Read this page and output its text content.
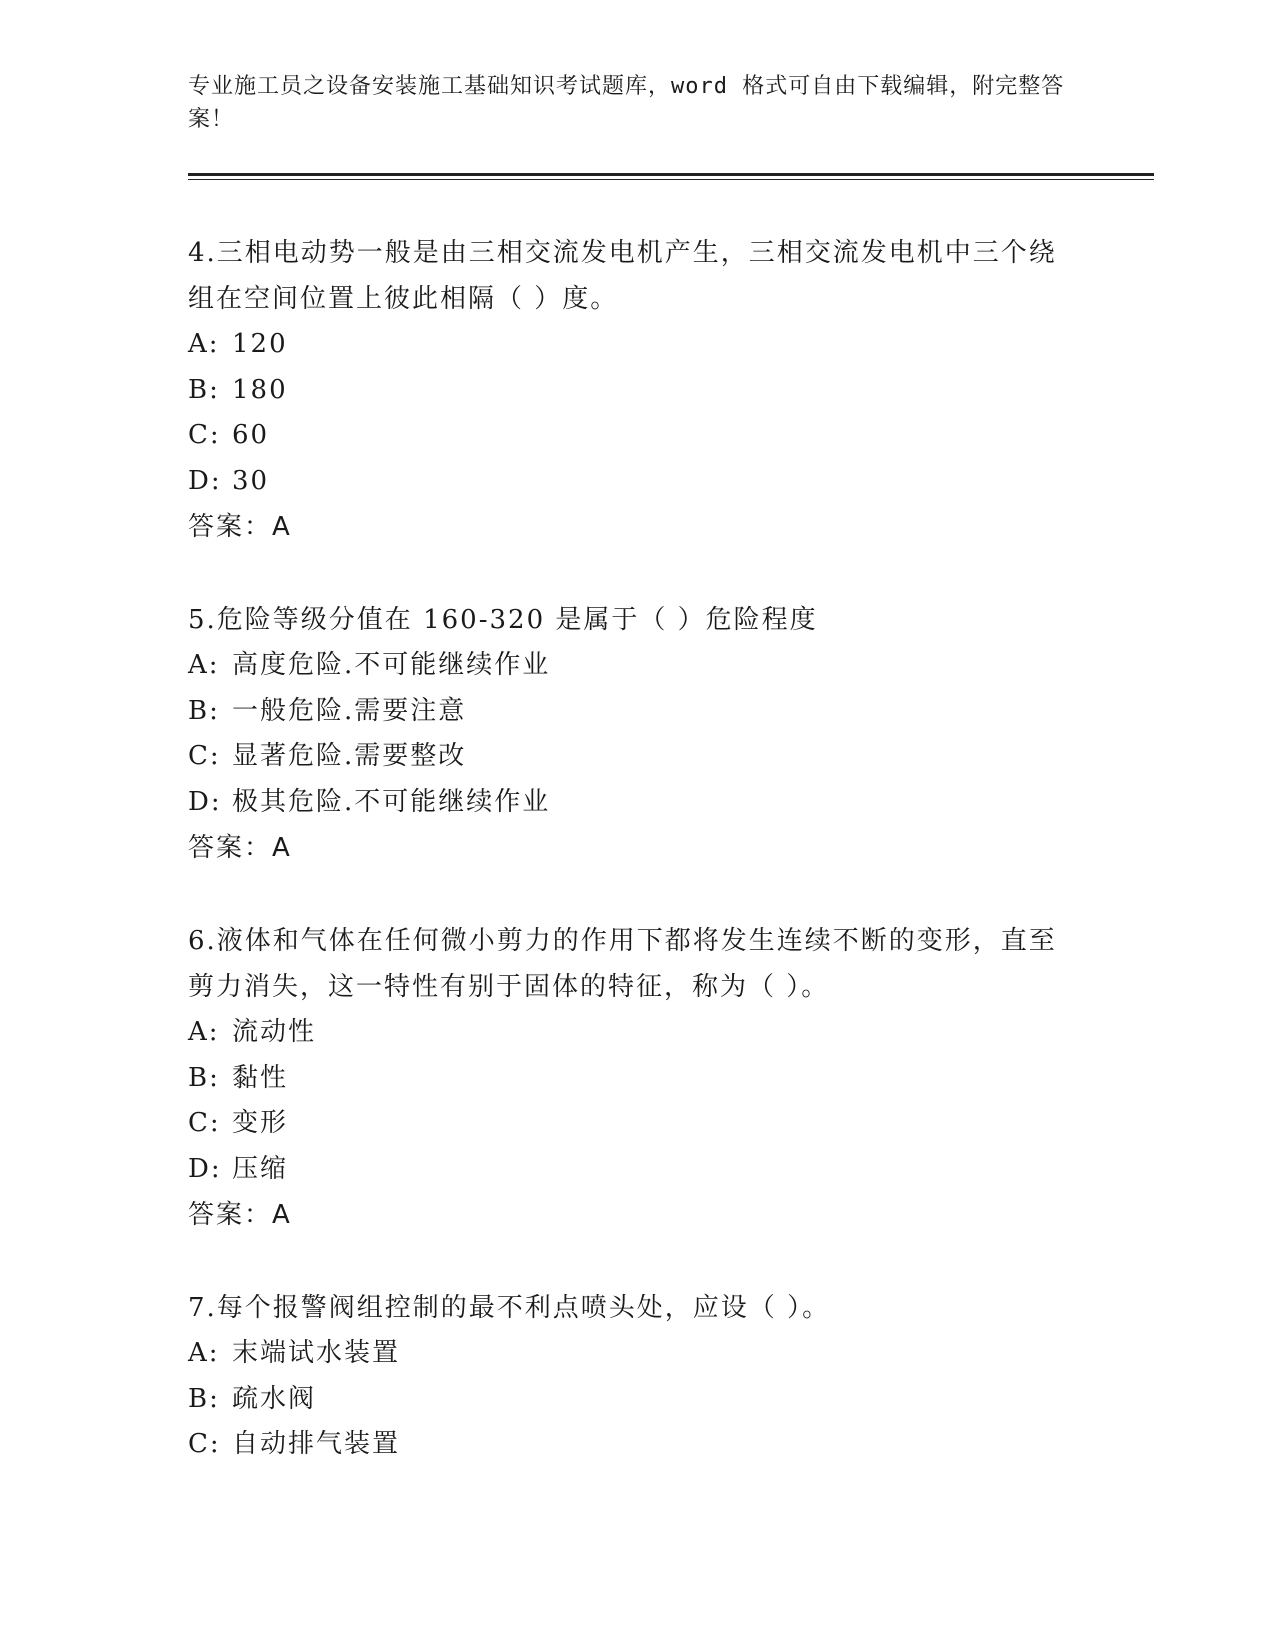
专业施工员之设备安装施工基础知识考试题库，word 格式可自由下载编辑，附完整答案！

4.三相电动势一般是由三相交流发电机产生，三相交流发电机中三个绕组在空间位置上彼此相隔（ ）度。

A: 120

B: 180

C: 60

D: 30

答案：A

5.危险等级分值在 160-320 是属于（ ）危险程度

A: 高度危险.不可能继续作业

B: 一般危险.需要注意

C: 显著危险.需要整改

D: 极其危险.不可能继续作业

答案：A

6.液体和气体在任何微小剪力的作用下都将发生连续不断的变形，直至剪力消失，这一特性有别于固体的特征，称为（ ）。

A: 流动性

B: 黏性

C: 变形

D: 压缩

答案：A

7.每个报警阀组控制的最不利点喷头处，应设（ ）。

A: 末端试水装置

B: 疏水阀

C: 自动排气装置
